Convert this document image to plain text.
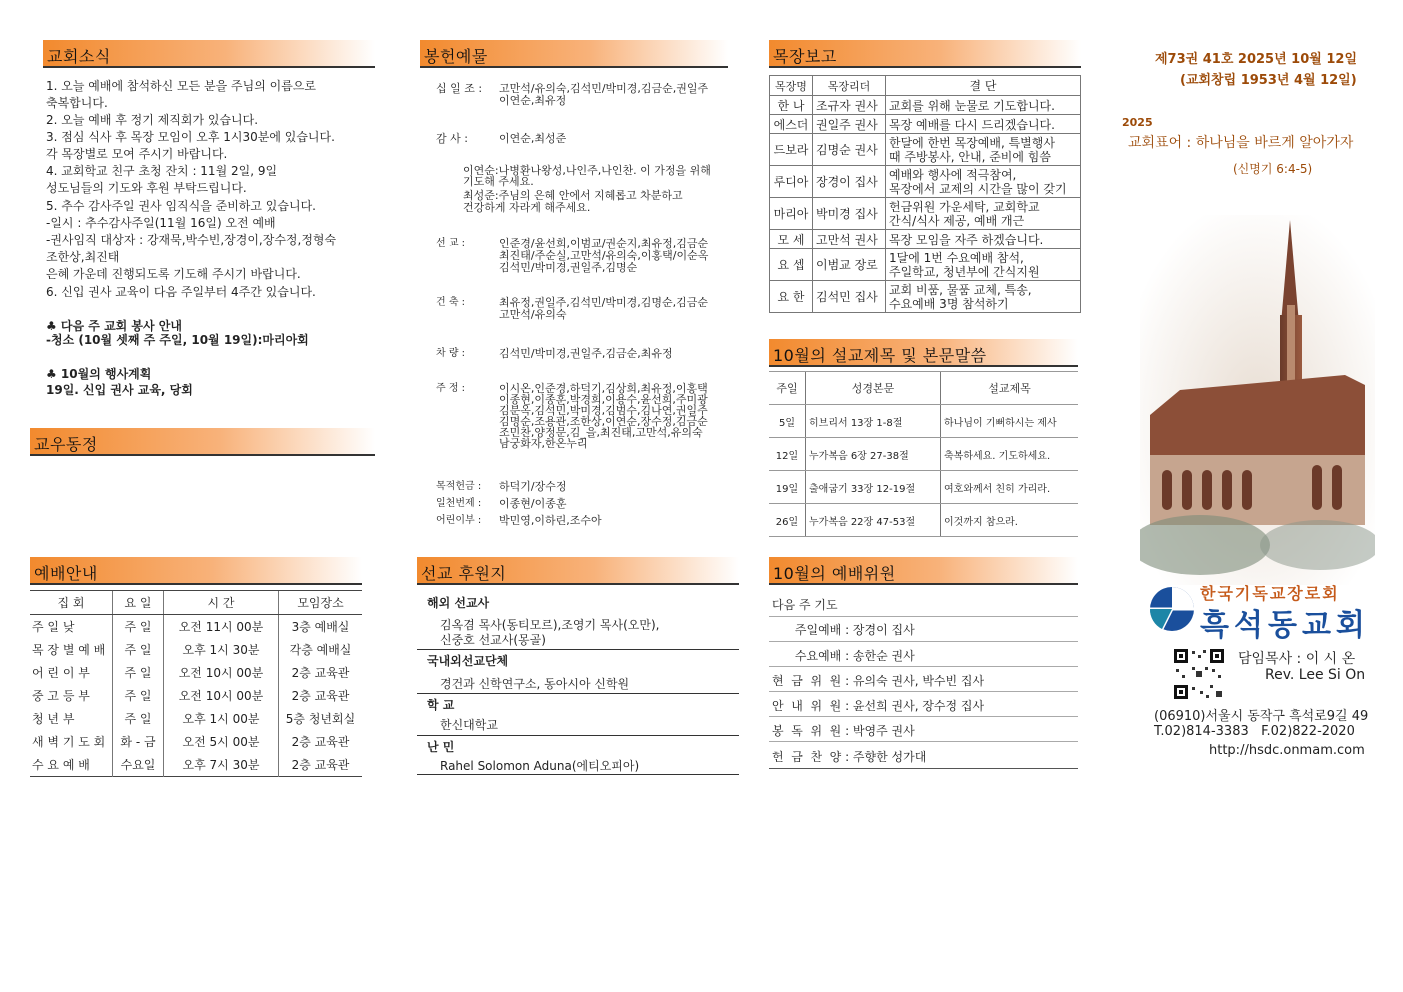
교회소식
1. 오늘 예배에 참석하신 모든 분을 주님의 이름으로
축복합니다.
2. 오늘 예배 후 정기 제직회가 있습니다.
3. 점심 식사 후 목장 모임이 오후 1시30분에 있습니다.
각 목장별로 모여 주시기 바랍니다.
4. 교회학교 친구 초청 잔치 : 11월 2일, 9일
성도님들의 기도와 후원 부탁드립니다.
5. 추수 감사주일 권사 임직식을 준비하고 있습니다.
-일시 : 추수감사주일(11월 16일) 오전 예배
-권사임직 대상자 : 강재묵,박수빈,장경이,장수정,정형숙
조한상,최진태
은혜 가운데 진행되도록 기도해 주시기 바랍니다.
6. 신입 권사 교육이 다음 주일부터 4주간 있습니다.
♣ 다음 주 교회 봉사 안내
-청소 (10월 셋째 주 주일, 10월 19일):마리아회
♣ 10월의 행사계획
19일. 신입 권사 교육, 당회
교우동정
예배안내
집 회	요 일	시 간	모임장소
주 일 낮	주 일	오전 11시 00분	3층 예배실
목 장 별 예 배	주 일	오후 1시 30분	각층 예배실
어 린 이 부	주 일	오전 10시 00분	2층 교육관
중 고 등 부	주 일	오전 10시 00분	2층 교육관
청 년 부	주 일	오후 1시 00분	5층 청년회실
새 벽 기 도 회	화 - 금	오전 5시 00분	2층 교육관
수 요 예 배	수요일	오후 7시 30분	2층 교육관
봉헌예물
십 일 조 : 고만석/유의숙,김석민/박미경,김금순,권일주
이연순,최유정
감 사 :	이연순,최성준
이연순:나병환나왕성,나인주,나인찬. 이 가정을 위해
기도해 주세요.
최성준:주님의 은혜 안에서 지혜롭고 차분하고
건강하게 자라게 해주세요.
선 교 :	인준경/윤선희,이범교/권순지,최유정,김금순
최진태/주순실,고만석/유의숙,이홍택/이순옥
김석민/박미경,권일주,김명순
건 축 :	최유정,권일주,김석민/박미경,김명순,김금순
고만석/유의숙
차 량 :	김석민/박미경,권일주,김금순,최유정
주 정 :	이시온,인준경,하덕기,김상희,최유정,이홍택
이종현,이종훈,박경희,이용수,윤선희,주미광
김분옥,김석민,박미경,김범수,김나연,권일주
김명순,조용관,조한상,이연순,장수정,김금순
조민찬,양정문,김_을,최진태,고만석,유의숙
남궁화자,한온누리
목적헌금 : 하덕기/장수정
일천번제 : 이종현/이종훈
어린이부 : 박민영,이하린,조수아
선교 후원지
해외 선교사
김옥겸 목사(동티모르),조영기 목사(오만),
신중호 선교사(몽골)
국내외선교단체
경건과 신학연구소, 동아시아 신학원
학 교
한신대학교
난 민
Rahel Solomon Aduna(에티오피아)
목장보고
목장명	목장리더	결 단
한 나	조규자 권사	교회를 위해 눈물로 기도합니다.
에스더	권일주 권사	목장 예배를 다시 드리겠습니다.
드보라	김명순 권사	한달에 한번 목장예배, 특별행사
때 주방봉사, 안내, 준비에 힘씀

루디아	장경이 집사	예배와 행사에 적극참여,
목장에서 교제의 시간을 많이 갖기

마리아	박미경 집사	헌금위원 가운세탁, 교회학교
간식/식사 제공, 예배 개근

모 세	고만석 권사	목장 모임을 자주 하겠습니다.
요 셉	이범교 장로	1달에 1번 수요예배 참석,
주일학교, 청년부에 간식지원

요 한	김석민 집사	교회 비품, 물품 교체, 특송,
수요예배 3명 참석하기
10월의 설교제목 및 본문말씀
주일	성경본문	설교제목
5일	히브리서 13장 1-8절	하나님이 기뻐하시는 제사
12일	누가복음 6장 27-38절	축복하세요. 기도하세요.
19일	출애굽기 33장 12-19절	여호와께서 친히 가리라.
26일	누가복음 22장 47-53절	이것까지 참으라.
10월의 예배위원
다음 주 기도
주일예배 : 장경이 집사
수요예배 : 송한순 권사
현  금  위  원 : 유의숙 권사, 박수빈 집사
안  내  위  원 : 윤선희 권사, 장수정 집사
봉  독  위  원 : 박영주 권사
헌  금  찬  양 : 주향한 성가대
제73권 41호 2025년 10월 12일
(교회창립 1953년 4월 12일)
2025
교회표어 : 하나님을 바르게 알아가자
(신명기 6:4-5)
한국기독교장로회
흑석동교회
담임목사 : 이 시 온
Rev. Lee Si On
(06910)서울시 동작구 흑석로9길 49
T.02)814-3383   F.02)822-2020
http://hsdc.onmam.com
